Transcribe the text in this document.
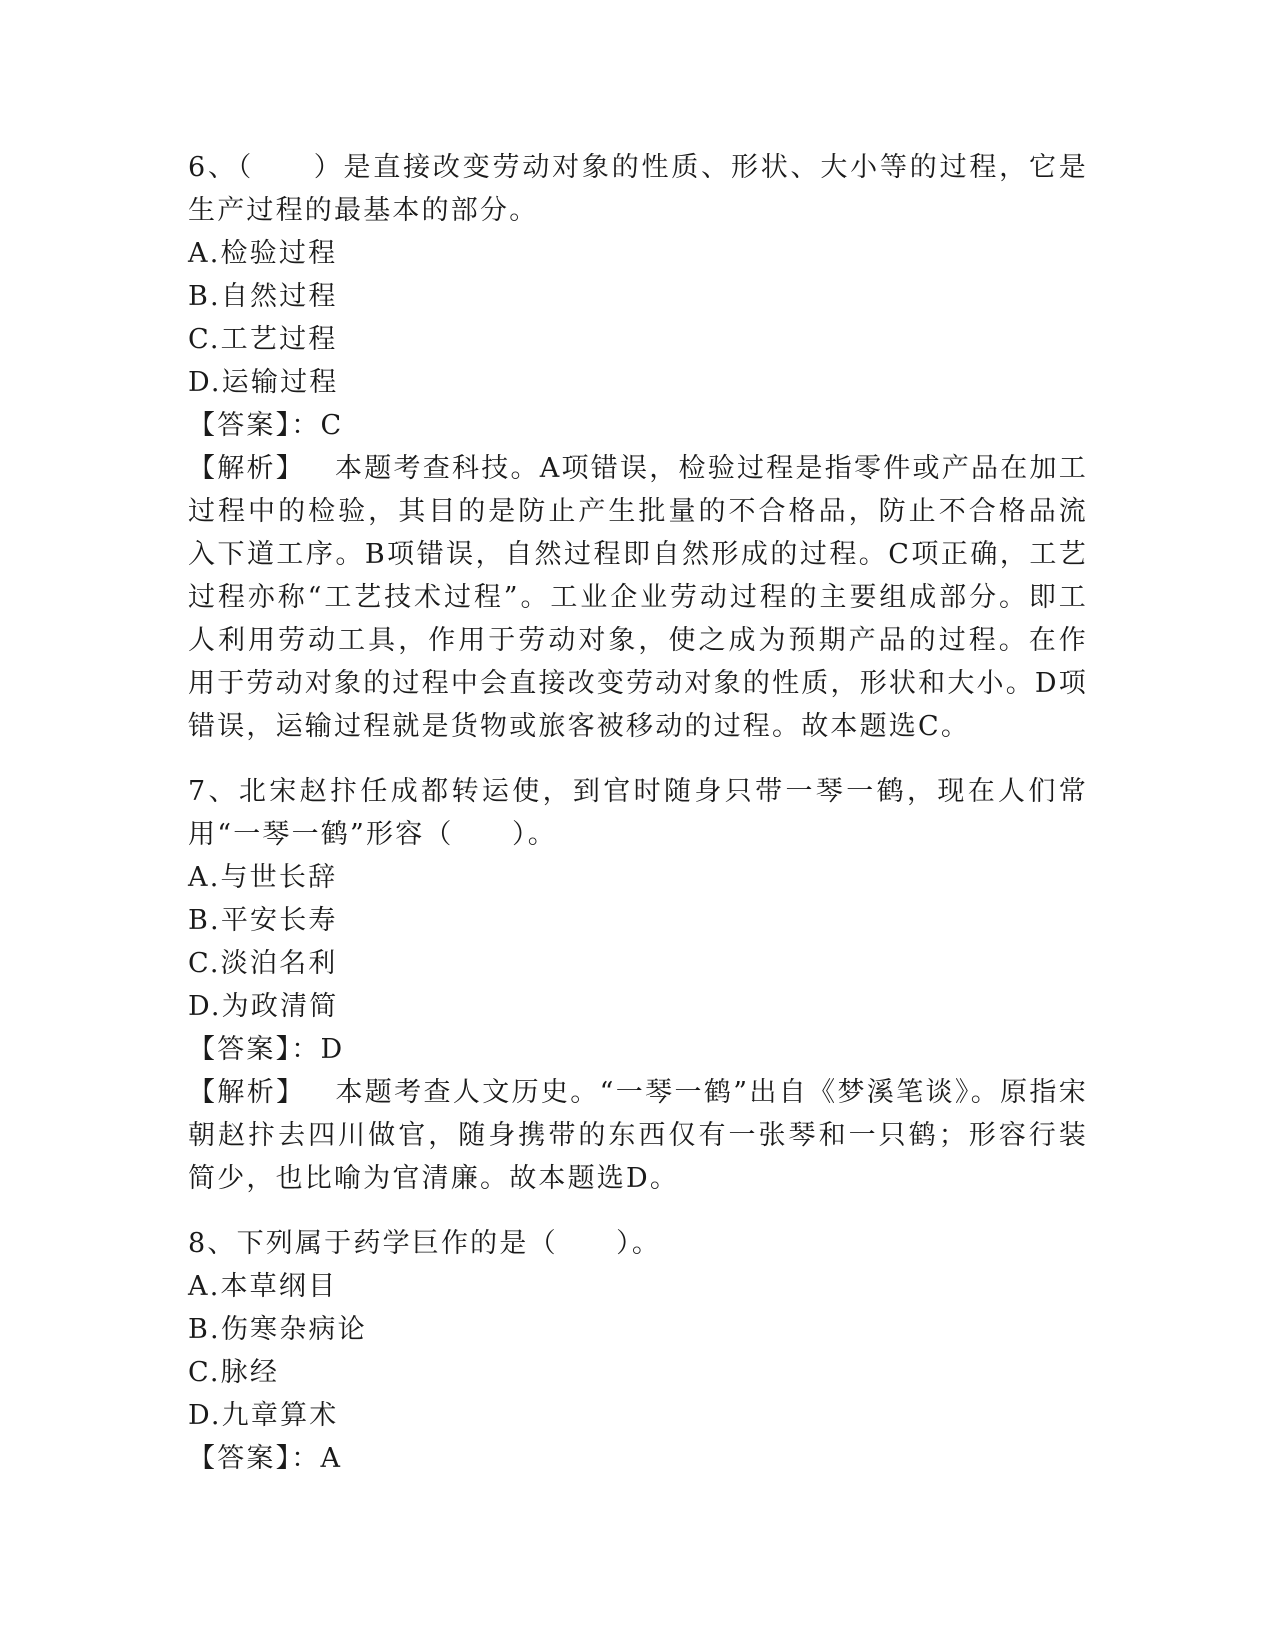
6、（　　）是直接改变劳动对象的性质、形状、大小等的过程，它是生产过程的最基本的部分。

A.检验过程

B.自然过程

C.工艺过程

D.运输过程

【答案】：C

【解析】 本题考查科技。A项错误，检验过程是指零件或产品在加工过程中的检验，其目的是防止产生批量的不合格品，防止不合格品流入下道工序。B项错误，自然过程即自然形成的过程。C项正确，工艺过程亦称“工艺技术过程”。工业企业劳动过程的主要组成部分。即工人利用劳动工具，作用于劳动对象，使之成为预期产品的过程。在作用于劳动对象的过程中会直接改变劳动对象的性质，形状和大小。D项错误，运输过程就是货物或旅客被移动的过程。故本题选C。

7、北宋赵抃任成都转运使，到官时随身只带一琴一鹤，现在人们常用“一琴一鹤”形容（　　）。

A.与世长辞

B.平安长寿

C.淡泊名利

D.为政清简

【答案】：D

【解析】 本题考查人文历史。“一琴一鹤”出自《梦溪笔谈》。原指宋朝赵抃去四川做官，随身携带的东西仅有一张琴和一只鹤；形容行装简少，也比喻为官清廉。故本题选D。

8、下列属于药学巨作的是（　　）。

A.本草纲目

B.伤寒杂病论

C.脉经

D.九章算术

【答案】：A
